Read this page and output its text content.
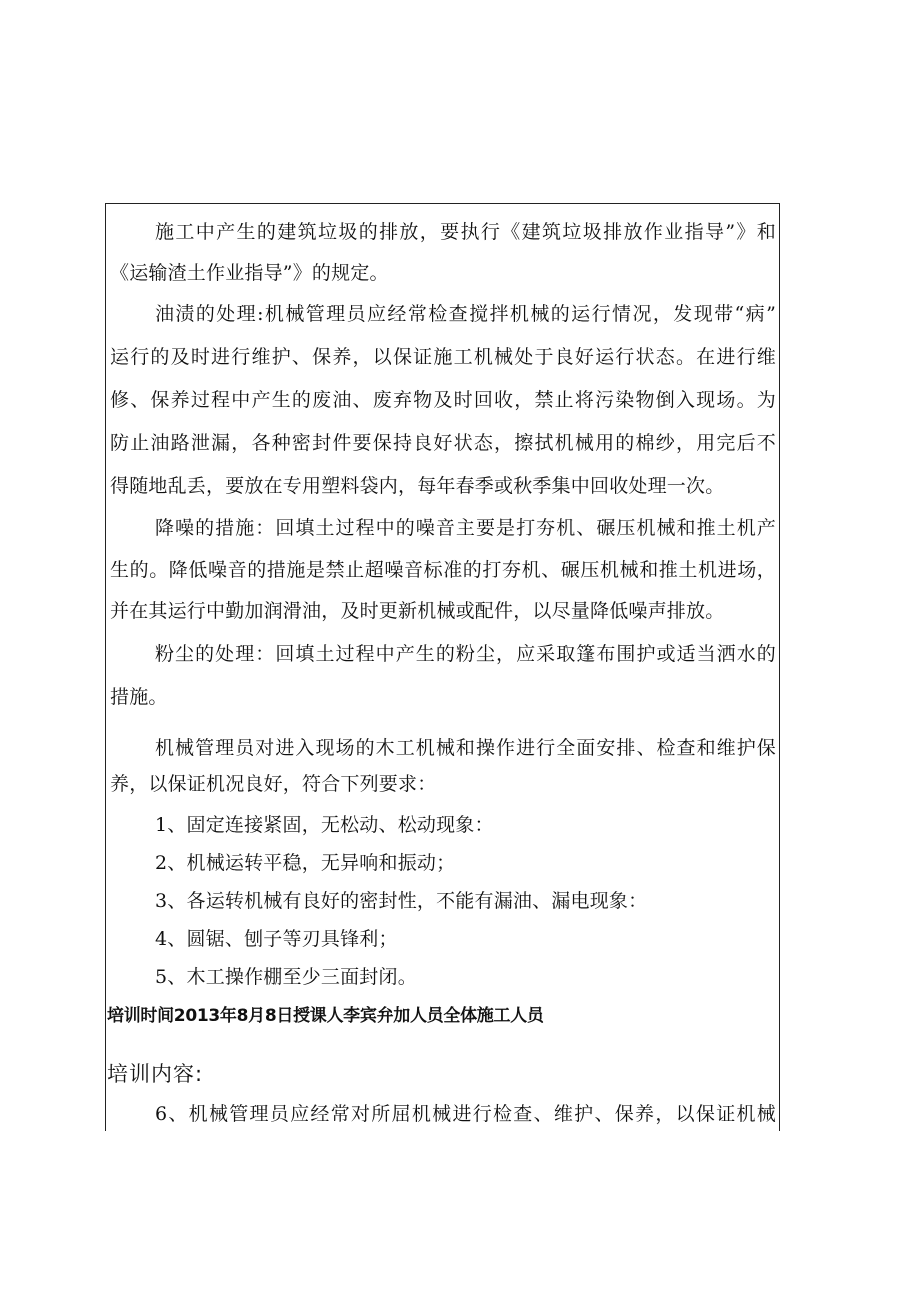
施工中产生的建筑垃圾的排放，要执行《建筑垃圾排放作业指导”》和
《运输渣土作业指导”》的规定。
油渍的处理:机械管理员应经常检查搅拌机械的运行情况，发现带“病”
运行的及时进行维护、保养，以保证施工机械处于良好运行状态。在进行维
修、保养过程中产生的废油、废弃物及时回收，禁止将污染物倒入现场。为
防止油路泄漏，各种密封件要保持良好状态，擦拭机械用的棉纱，用完后不
得随地乱丢，要放在专用塑料袋内，每年春季或秋季集中回收处理一次。
降噪的措施：回填土过程中的噪音主要是打夯机、碾压机械和推土机产
生的。降低噪音的措施是禁止超噪音标准的打夯机、碾压机械和推土机进场，
并在其运行中勤加润滑油，及时更新机械或配件，以尽量降低噪声排放。
粉尘的处理：回填土过程中产生的粉尘，应采取篷布围护或适当洒水的
措施。
机械管理员对进入现场的木工机械和操作进行全面安排、检查和维护保
养，以保证机况良好，符合下列要求：
1、固定连接紧固，无松动、松动现象：
2、机械运转平稳，无异响和振动；
3、各运转机械有良好的密封性，不能有漏油、漏电现象：
4、圆锯、刨子等刃具锋利；
5、木工操作棚至少三面封闭。
培训时间2013年8月8日授课人李宾弁加人员全体施工人员
培训内容:
6、机械管理员应经常对所屈机械进行检查、维护、保养，以保证机械
